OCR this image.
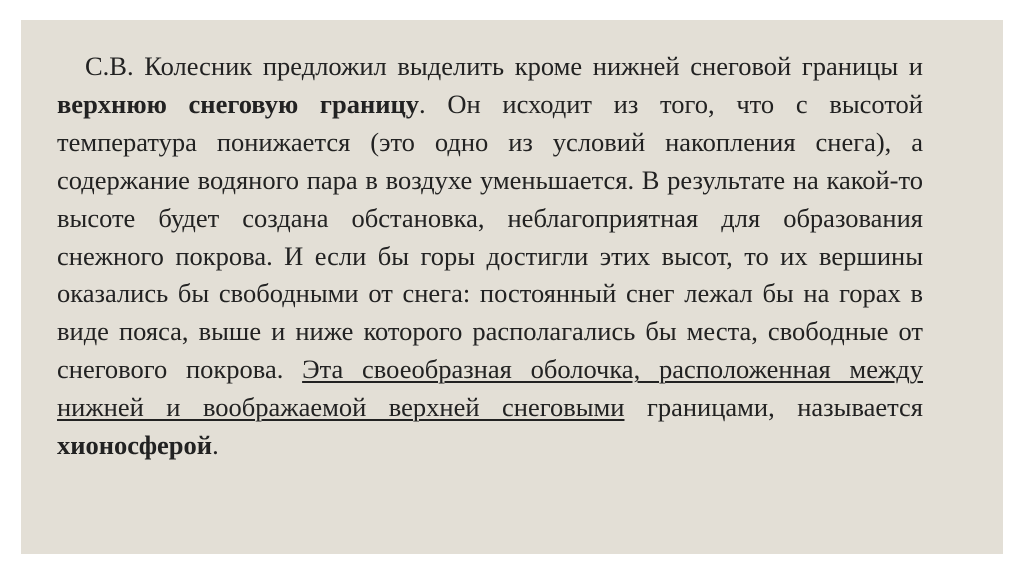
С.В. Колесник предложил выделить кроме нижней снеговой границы и верхнюю снеговую границу. Он исходит из того, что с высотой температура понижается (это одно из условий накопления снега), а содержание водяного пара в воздухе уменьшается. В результате на какой-то высоте будет создана обстановка, неблагоприятная для образования снежного покрова. И если бы горы достигли этих высот, то их вершины оказались бы свободными от снега: постоянный снег лежал бы на горах в виде пояса, выше и ниже которого располагались бы места, свободные от снегового покрова. Эта своеобразная оболочка, расположенная между нижней и воображаемой верхней снеговыми границами, называется хионосферой.
